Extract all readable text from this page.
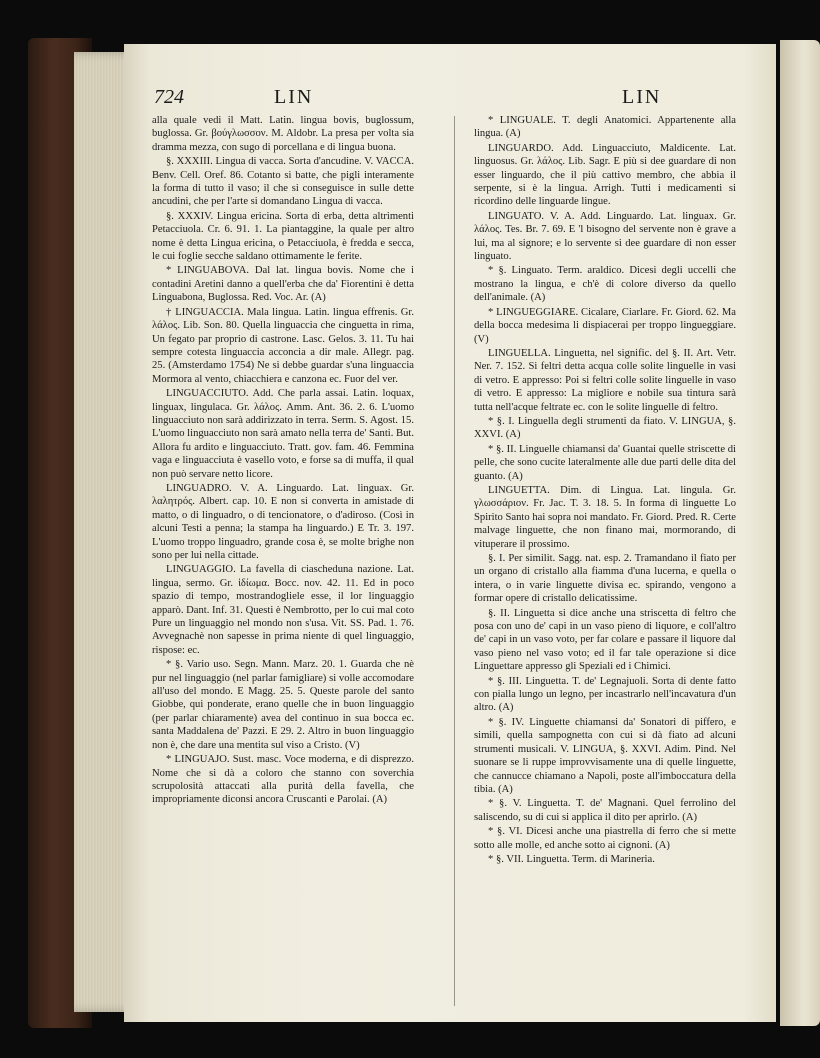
724	LIN	LIN

alla quale vedi il Matt. Latin. lingua bovis, buglossum, buglossa. Gr. βούγλωσσον. M. Aldobr. La presa per volta sia dramma mezza, con sugo di porcellana e di lingua buona.

§. XXXIII. Lingua di vacca. Sorta d'ancudine. V. VACCA. Benv. Cell. Oref. 86. Cotanto si batte, che pigli interamente la forma di tutto il vaso; il che si conseguisce in sulle dette ancudini, che per l'arte si domandano Lingua di vacca.

§. XXXIV. Lingua ericina. Sorta di erba, detta altrimenti Petacciuola. Cr. 6. 91. 1. La piantaggine, la quale per altro nome è detta Lingua ericina, o Petacciuola, è fredda e secca, le cui foglie secche saldano ottimamente le ferite.

* LINGUABOVA. Dal lat. lingua bovis. Nome che i contadini Aretini danno a quell'erba che da' Fiorentini è detta Linguabona, Buglossa. Red. Voc. Ar. (A)

† LINGUACCIA. Mala lingua. Latin. lingua effrenis. Gr. λάλος. Lib. Son. 80. Quella linguaccia che cinguetta in rima, Un fegato par proprio di castrone. Lasc. Gelos. 3. 11. Tu hai sempre cotesta linguaccia acconcia a dir male. Allegr. pag. 25. (Amsterdamo 1754) Ne si debbe guardar s'una linguaccia Mormora al vento, chiacchiera e canzona ec. Fuor del ver.

LINGUACCIUTO. Add. Che parla assai. Latin. loquax, linguax, lingulaca. Gr. λάλος. Amm. Ant. 36. 2. 6. L'uomo linguacciuto non sarà addirizzato in terra. Serm. S. Agost. 15. L'uomo linguacciuto non sarà amato nella terra de' Santi. But. Allora fu ardito e linguacciuto. Tratt. gov. fam. 46. Femmina vaga e linguacciuta è vasello voto, e forse sa di muffa, il qual non può servare netto licore.

LINGUADRO. V. A. Linguardo. Lat. linguax. Gr. λαλητρός. Albert. cap. 10. E non si converta in amistade di matto, o di linguadro, o di tencionatore, o d'adiroso. (Così in alcuni Testi a penna; la stampa ha linguardo.) E Tr. 3. 197. L'uomo troppo linguadro, grande cosa è, se molte brighe non sono per lui nella cittade.

LINGUAGGIO. La favella di ciascheduna nazione. Lat. lingua, sermo. Gr. ἰδίωμα. Bocc. nov. 42. 11. Ed in poco spazio di tempo, mostrandogliele esse, il lor linguaggio apparò. Dant. Inf. 31. Questi è Nembrotto, per lo cui mal coto Pure un linguaggio nel mondo non s'usa. Vit. SS. Pad. 1. 76. Avvegnachè non sapesse in prima niente di quel linguaggio, rispose: ec.

* §. Vario uso. Segn. Mann. Marz. 20. 1. Guarda che nè pur nel linguaggio (nel parlar famigliare) si volle accomodare all'uso del mondo. E Magg. 25. 5. Queste parole del santo Giobbe, qui ponderate, erano quelle che in buon linguaggio (per parlar chiaramente) avea del continuo in sua bocca ec. santa Maddalena de' Pazzi. E 29. 2. Altro in buon linguaggio non è, che dare una mentita sul viso a Cristo. (V)

* LINGUAJO. Sust. masc. Voce moderna, e di disprezzo. Nome che si dà a coloro che stanno con soverchia scrupolosità attaccati alla purità della favella, che impropriamente diconsi ancora Cruscanti e Parolai. (A)

* LINGUALE. T. degli Anatomici. Appartenente alla lingua. (A)

LINGUARDO. Add. Linguacciuto, Maldicente. Lat. linguosus. Gr. λάλος. Lib. Sagr. E più si dee guardare di non esser linguardo, che il più cattivo membro, che abbia il serpente, si è la lingua. Arrigh. Tutti i medicamenti si ricordino delle linguarde lingue.

LINGUATO. V. A. Add. Linguardo. Lat. linguax. Gr. λάλος. Tes. Br. 7. 69. E 'l bisogno del servente non è grave a lui, ma al signore; e lo servente si dee guardare di non esser linguato.

* §. Linguato. Term. araldico. Dicesi degli uccelli che mostrano la lingua, e ch'è di colore diverso da quello dell'animale. (A)

* LINGUEGGIARE. Cicalare, Ciarlare. Fr. Giord. 62. Ma della bocca medesima li dispiacerai per troppo lingueggiare. (V)

LINGUELLA. Linguetta, nel signific. del §. II. Art. Vetr. Ner. 7. 152. Si feltri detta acqua colle solite linguelle in vasi di vetro. E appresso: Poi si feltri colle solite linguelle in vaso di vetro. E appresso: La migliore e nobile sua tintura sarà tutta nell'acque feltrate ec. con le solite linguelle di feltro.

* §. I. Linguella degli strumenti da fiato. V. LINGUA, §. XXVI. (A)

* §. II. Linguelle chiamansi da' Guantai quelle striscette di pelle, che sono cucite lateralmente alle due parti delle dita del guanto. (A)

LINGUETTA. Dim. di Lingua. Lat. lingula. Gr. γλωσσάριον. Fr. Jac. T. 3. 18. 5. In forma di linguette Lo Spirito Santo hai sopra noi mandato. Fr. Giord. Pred. R. Certe malvage linguette, che non finano mai, mormorando, di vituperare il prossimo.

§. I. Per similit. Sagg. nat. esp. 2. Tramandano il fiato per un organo di cristallo alla fiamma d'una lucerna, e quella o intera, o in varie linguette divisa ec. spirando, vengono a formar opere di cristallo delicatissime.

§. II. Linguetta si dice anche una striscetta di feltro che posa con uno de' capi in un vaso pieno di liquore, e coll'altro de' capi in un vaso voto, per far colare e passare il liquore dal vaso pieno nel vaso voto; ed il far tale operazione si dice Linguettare appresso gli Speziali ed i Chimici.

* §. III. Linguetta. T. de' Legnajuoli. Sorta di dente fatto con pialla lungo un legno, per incastrarlo nell'incavatura d'un altro. (A)

* §. IV. Linguette chiamansi da' Sonatori di piffero, e simili, quella sampognetta con cui si dà fiato ad alcuni strumenti musicali. V. LINGUA, §. XXVI. Adim. Pind. Nel suonare se li ruppe improvvisamente una di quelle linguette, che cannucce chiamano a Napoli, poste all'imboccatura della tibia. (A)

* §. V. Linguetta. T. de' Magnani. Quel ferrolino del saliscendo, su di cui si applica il dito per aprirlo. (A)

* §. VI. Dicesi anche una piastrella di ferro che si mette sotto alle molle, ed anche sotto ai cignoni. (A)

* §. VII. Linguetta. Term. di Marineria.
